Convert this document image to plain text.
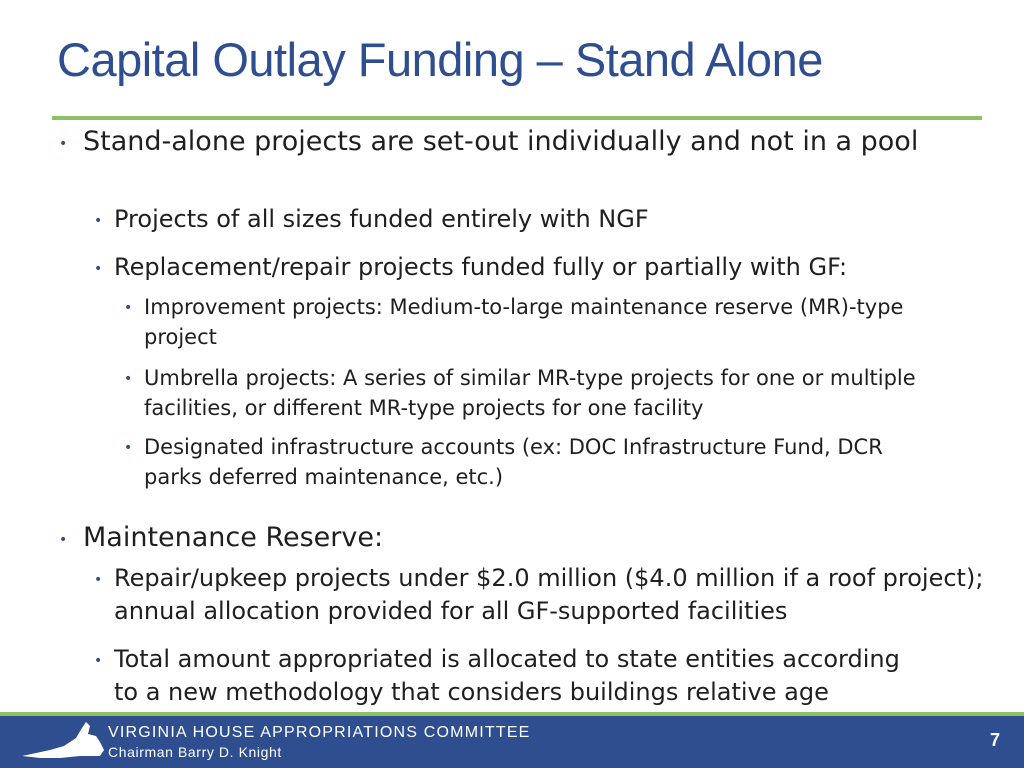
Capital Outlay Funding – Stand Alone
• Stand-alone projects are set-out individually and not in a pool
• Projects of all sizes funded entirely with NGF
• Replacement/repair projects funded fully or partially with GF:
• Improvement projects: Medium-to-large maintenance reserve (MR)-type project
• Umbrella projects: A series of similar MR-type projects for one or multiple facilities, or different MR-type projects for one facility
• Designated infrastructure accounts (ex: DOC Infrastructure Fund, DCR parks deferred maintenance, etc.)
• Maintenance Reserve:
• Repair/upkeep projects under $2.0 million ($4.0 million if a roof project); annual allocation provided for all GF-supported facilities
• Total amount appropriated is allocated to state entities according to a new methodology that considers buildings relative age
VIRGINIA HOUSE APPROPRIATIONS COMMITTEE
Chairman Barry D. Knight
7
